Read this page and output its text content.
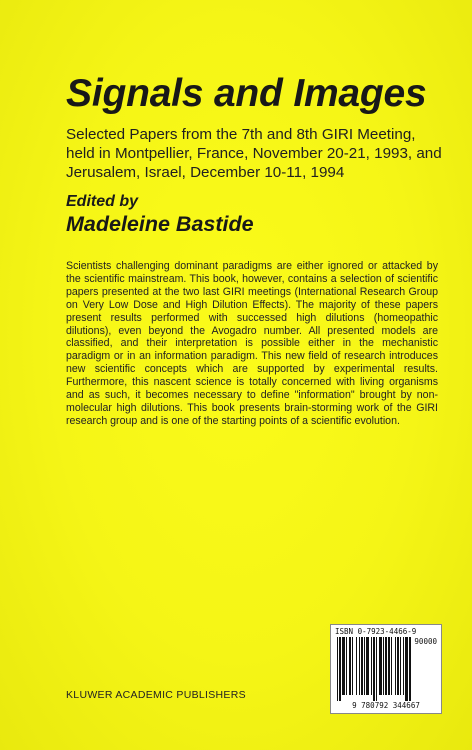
Signals and Images

Selected Papers from the 7th and 8th GIRI Meeting, held in Montpellier, France, November 20-21, 1993, and Jerusalem, Israel, December 10-11, 1994

Edited by

Madeleine Bastide

Scientists challenging dominant paradigms are either ignored or attacked by the scientific mainstream. This book, however, contains a selection of scientific papers presented at the two last GIRI meetings (International Research Group on Very Low Dose and High Dilution Effects). The majority of these papers present results performed with successed high dilutions (homeopathic dilutions), even beyond the Avogadro number. All presented models are classified, and their interpretation is possible either in the mechanistic paradigm or in an information paradigm. This new field of research introduces new scientific concepts which are supported by experimental results. Furthermore, this nascent science is totally concerned with living organisms and as such, it becomes necessary to define "information" brought by non-molecular high dilutions. This book presents brain-storming work of the GIRI research group and is one of the starting points of a scientific evolution.

ISBN 0-7923-4466-9
90000
9 780792 344667

KLUWER ACADEMIC PUBLISHERS
